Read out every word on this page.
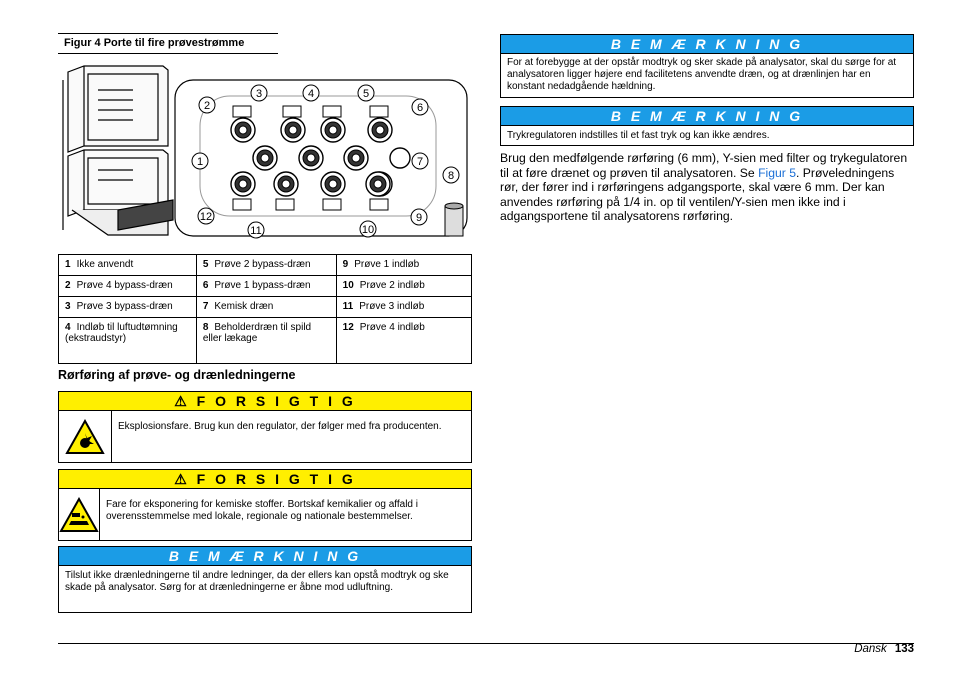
Figur 4 Porte til fire prøvestrømme
1
2
3	4	5
6
7
8
9
10
11
12
1 Ikke anvendt	5 Prøve 2 bypass-dræn	9 Prøve 1 indløb
2 Prøve 4 bypass-dræn	6 Prøve 1 bypass-dræn	10 Prøve 2 indløb
3 Prøve 3 bypass-dræn	7 Kemisk dræn	11 Prøve 3 indløb
4 Indløb til luftudtømning (ekstraudstyr)	8 Beholderdræn til spild eller lækage	12 Prøve 4 indløb
Rørføring af prøve- og drænledningerne
⚠ F O R S I G T I G
Eksplosionsfare. Brug kun den regulator, der følger med fra producenten.
⚠ F O R S I G T I G
Fare for eksponering for kemiske stoffer. Bortskaf kemikalier og affald i overensstemmelse med lokale, regionale og nationale bestemmelser.
B E M Æ R K N I N G
Tilslut ikke drænledningerne til andre ledninger, da der ellers kan opstå modtryk og ske skade på analysator. Sørg for at drænledningerne er åbne mod udluftning.
B E M Æ R K N I N G
For at forebygge at der opstår modtryk og sker skade på analysator, skal du sørge for at analysatoren ligger højere end facilitetens anvendte dræn, og at drænlinjen har en konstant nedadgående hældning.
B E M Æ R K N I N G
Trykregulatoren indstilles til et fast tryk og kan ikke ændres.
Brug den medfølgende rørføring (6 mm), Y-sien med filter og trykegulatoren til at føre drænet og prøven til analysatoren. Se Figur 5. Prøveledningens rør, der fører ind i rørføringens adgangsporte, skal være 6 mm. Der kan anvendes rørføring på 1/4 in. op til ventilen/Y-sien men ikke ind i adgangsportene til analysatorens rørføring.
Dansk 133
